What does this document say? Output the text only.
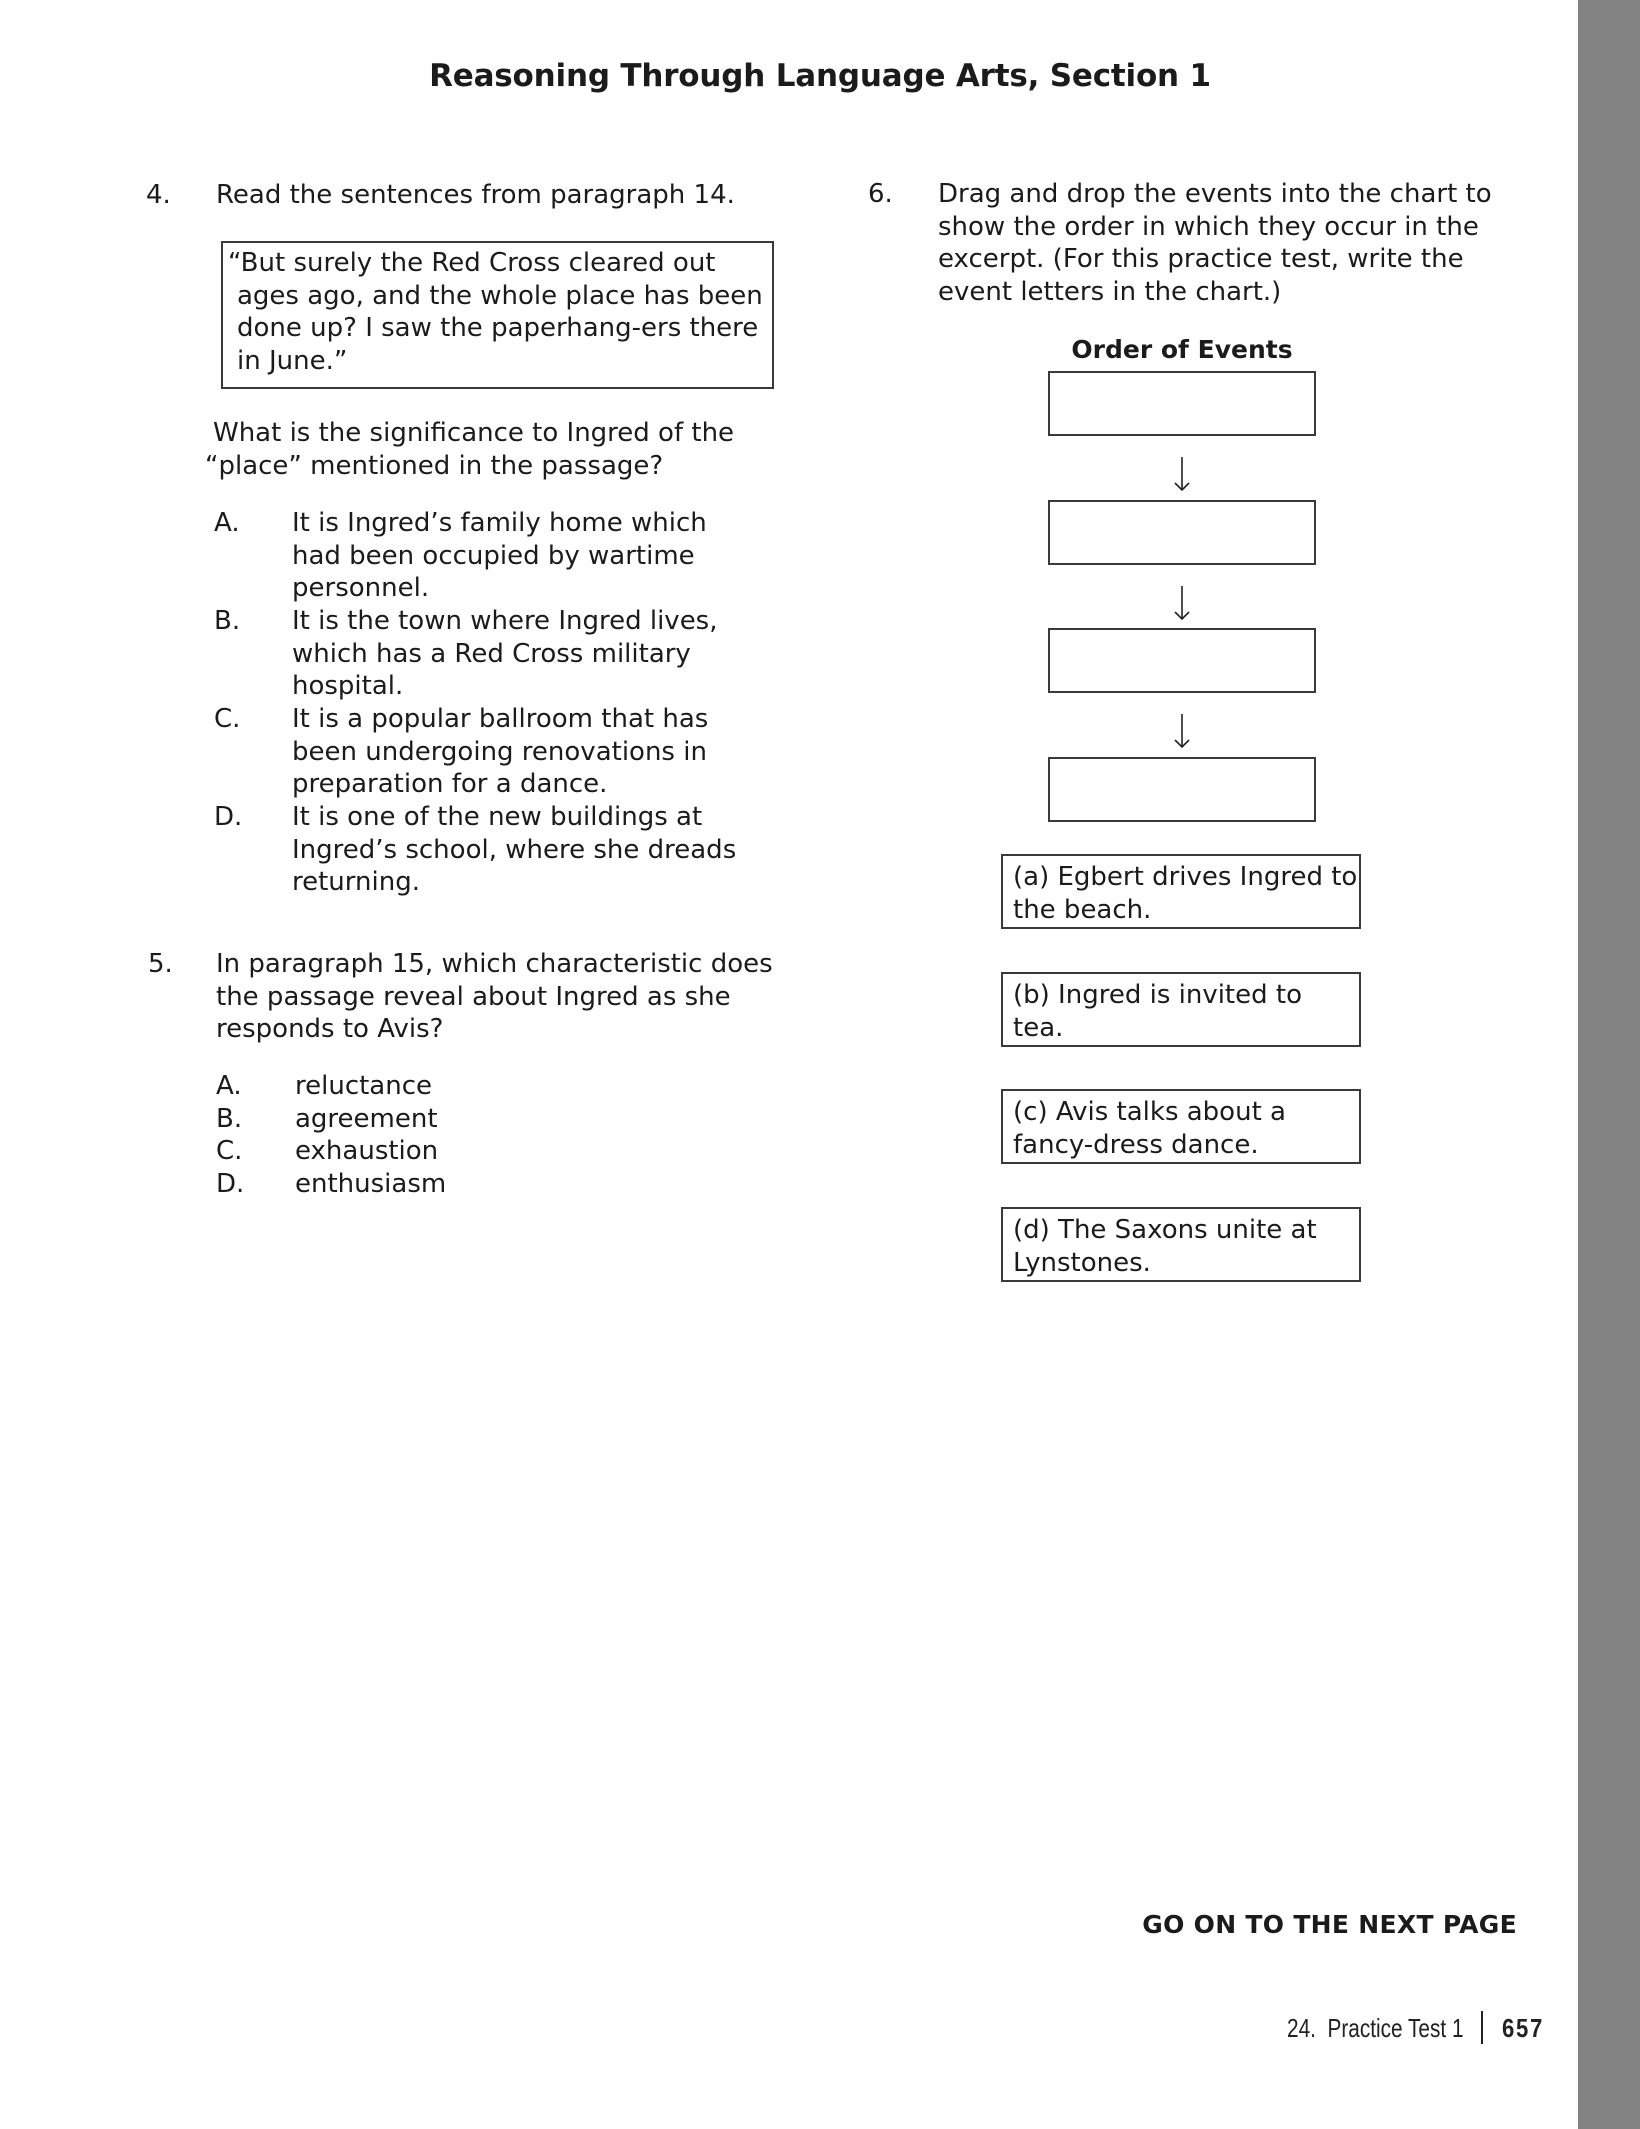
Reasoning Through Language Arts, Section 1
4. Read the sentences from paragraph 14.
“But surely the Red Cross cleared out ages ago, and the whole place has been done up? I saw the paperhang-ers there in June.”
What is the significance to Ingred of the “place” mentioned in the passage?
A. It is Ingred’s family home which had been occupied by wartime personnel.
B. It is the town where Ingred lives, which has a Red Cross military hospital.
C. It is a popular ballroom that has been undergoing renovations in preparation for a dance.
D. It is one of the new buildings at Ingred’s school, where she dreads returning.
5. In paragraph 15, which characteristic does the passage reveal about Ingred as she responds to Avis?
A. reluctance
B. agreement
C. exhaustion
D. enthusiasm
6. Drag and drop the events into the chart to show the order in which they occur in the excerpt. (For this practice test, write the event letters in the chart.)
Order of Events
(a) Egbert drives Ingred to the beach.
(b) Ingred is invited to tea.
(c) Avis talks about a fancy-dress dance.
(d) The Saxons unite at Lynstones.
GO ON TO THE NEXT PAGE
24.  Practice Test 1 657
